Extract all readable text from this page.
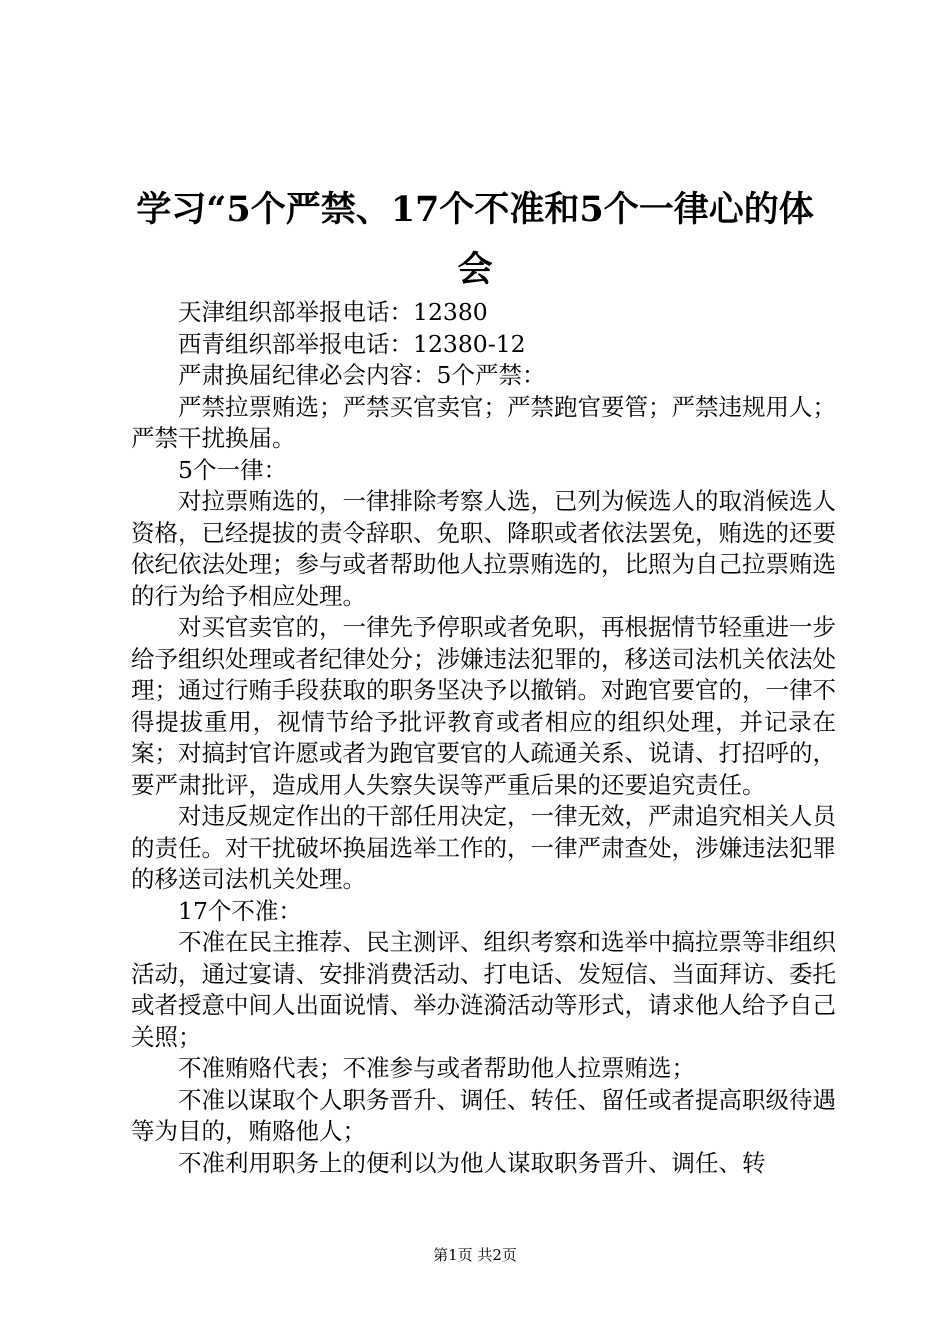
学习“5个严禁、17个不准和5个一律心的体会

天津组织部举报电话：12380

西青组织部举报电话：12380-12

严肃换届纪律必会内容：5个严禁：

严禁拉票贿选；严禁买官卖官；严禁跑官要管；严禁违规用人；严禁干扰换届。

5个一律：

对拉票贿选的，一律排除考察人选，已列为候选人的取消候选人资格，已经提拔的责令辞职、免职、降职或者依法罢免，贿选的还要依纪依法处理；参与或者帮助他人拉票贿选的，比照为自己拉票贿选的行为给予相应处理。

对买官卖官的，一律先予停职或者免职，再根据情节轻重进一步给予组织处理或者纪律处分；涉嫌违法犯罪的，移送司法机关依法处理；通过行贿手段获取的职务坚决予以撤销。对跑官要官的，一律不得提拔重用，视情节给予批评教育或者相应的组织处理，并记录在案；对搞封官许愿或者为跑官要官的人疏通关系、说请、打招呼的，要严肃批评，造成用人失察失误等严重后果的还要追究责任。

对违反规定作出的干部任用决定，一律无效，严肃追究相关人员的责任。对干扰破坏换届选举工作的，一律严肃查处，涉嫌违法犯罪的移送司法机关处理。

17个不准：

不准在民主推荐、民主测评、组织考察和选举中搞拉票等非组织活动，通过宴请、安排消费活动、打电话、发短信、当面拜访、委托或者授意中间人出面说情、举办涟漪活动等形式，请求他人给予自己关照；

不准贿赂代表；不准参与或者帮助他人拉票贿选；

不准以谋取个人职务晋升、调任、转任、留任或者提高职级待遇等为目的，贿赂他人；

不准利用职务上的便利以为他人谋取职务晋升、调任、转

第1页 共2页
